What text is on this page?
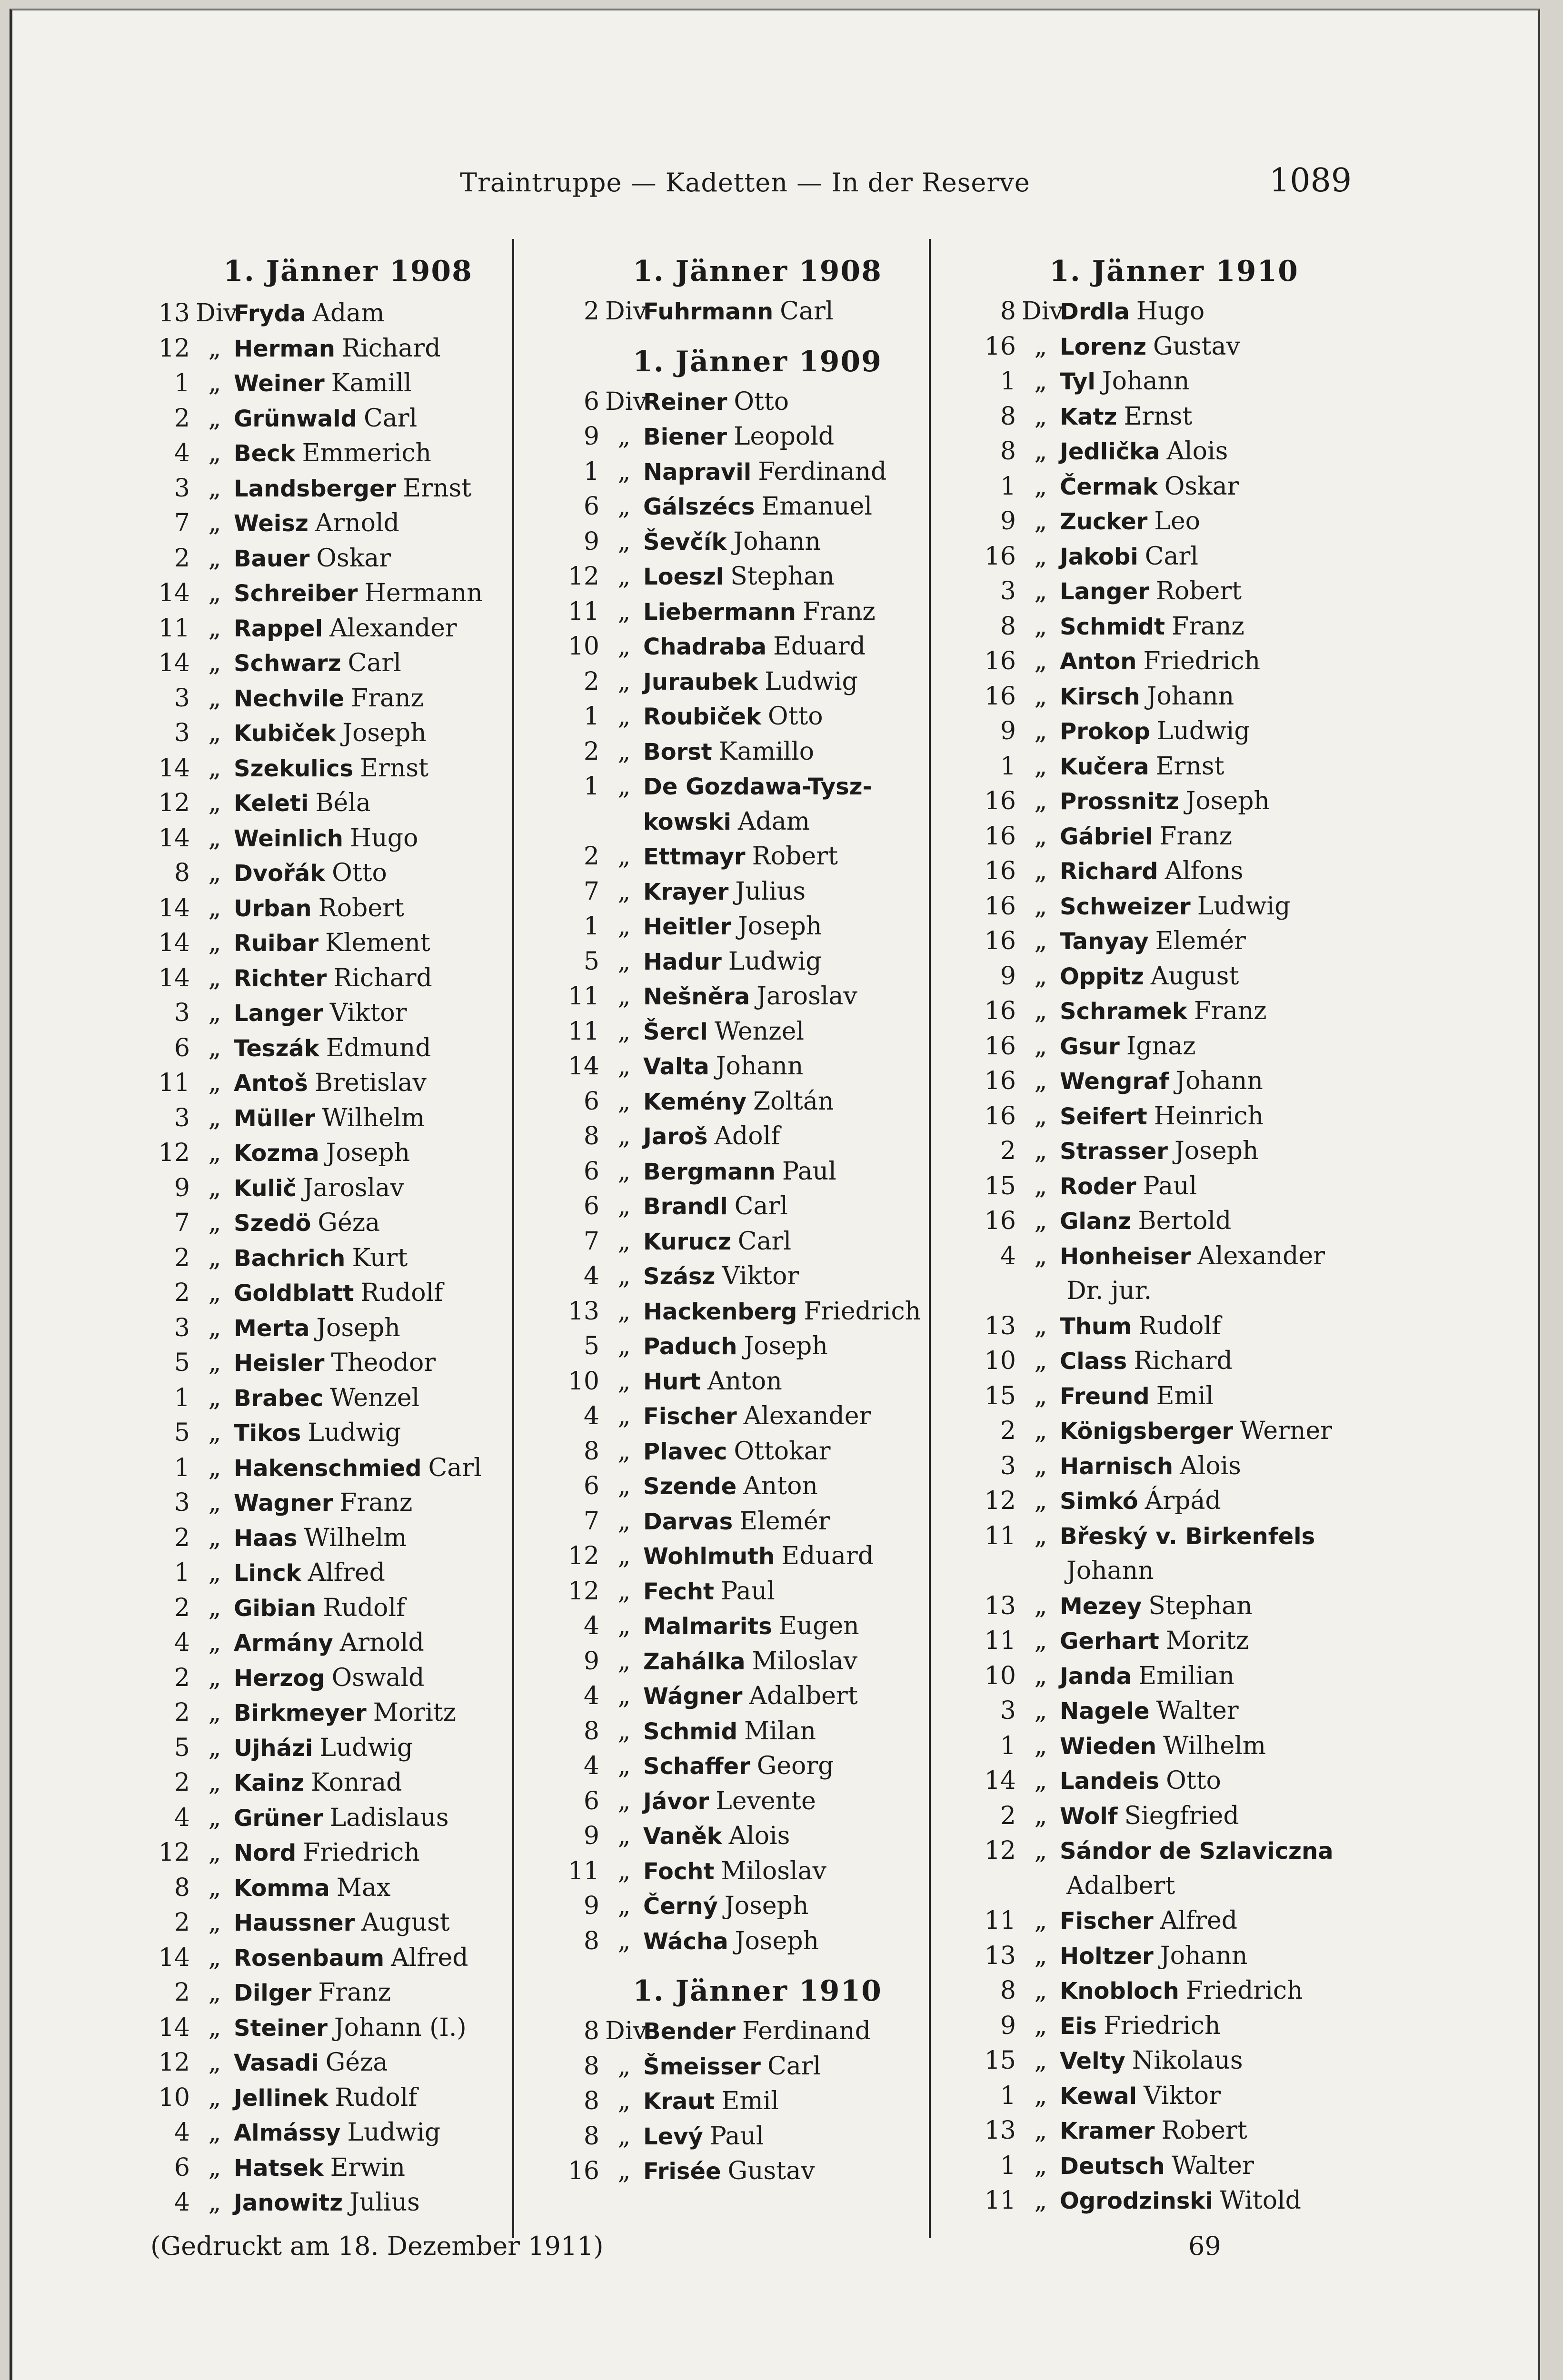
Traintruppe — Kadetten — In der Reserve	1089
1. Jänner 1908
13 Div.
Fryda Adam
12 „ Herman Richard
1 „ Weiner Kamill
2 „ Grünwald Carl
4 „ Beck Emmerich
3 „ Landsberger Ernst
7 „ Weisz Arnold
2 „ Bauer Oskar
14 „ Schreiber Hermann
11 „ Rappel Alexander
14 „ Schwarz Carl
3 „ Nechvile Franz
3 „ Kubiček Joseph
14 „ Szekulics Ernst
12 „ Keleti Béla
14 „ Weinlich Hugo
8 „ Dvořák Otto
14 „ Urban Robert
14 „ Ruibar Klement
14 „ Richter Richard
3 „ Langer Viktor
6 „ Teszák Edmund
11 „ Antoš Bretislav
3 „ Müller Wilhelm
12 „ Kozma Joseph
9 „ Kulič Jaroslav
7 „ Szedö Géza
2 „ Bachrich Kurt
2 „ Goldblatt Rudolf
3 „ Merta Joseph
5 „ Heisler Theodor
1 „ Brabec Wenzel
5 „ Tikos Ludwig
1 „ Hakenschmied Carl
3 „ Wagner Franz
2 „ Haas Wilhelm
1 „ Linck Alfred
2 „ Gibian Rudolf
4 „ Armány Arnold
2 „ Herzog Oswald
2 „ Birkmeyer Moritz
5 „ Ujházi Ludwig
2 „ Kainz Konrad
4 „ Grüner Ladislaus
12 „ Nord Friedrich
8 „ Komma Max
2 „ Haussner August
14 „ Rosenbaum Alfred
2 „ Dilger Franz
14 „ Steiner Johann (I.)
12 „ Vasadi Géza
10 „ Jellinek Rudolf
4 „ Almássy Ludwig
6 „ Hatsek Erwin
4 „ Janowitz Julius
1. Jänner 1908
2 Div.
Fuhrmann Carl
1. Jänner 1909
6 Div.
Reiner Otto
9 „ Biener Leopold
1 „ Napravil Ferdinand
6 „ Gálszécs Emanuel
9 „ Ševčík Johann
12 „ Loeszl Stephan
11 „ Liebermann Franz
10 „ Chadraba Eduard
2 „ Juraubek Ludwig
1 „ Roubiček Otto
2 „ Borst Kamillo
1 „ De Gozdawa-Tysz-
kowski Adam
2 „ Ettmayr Robert
7 „ Krayer Julius
1 „ Heitler Joseph
5 „ Hadur Ludwig
11 „ Nešněra Jaroslav
11 „ Šercl Wenzel
14 „ Valta Johann
6 „ Kemény Zoltán
8 „ Jaroš Adolf
6 „ Bergmann Paul
6 „ Brandl Carl
7 „ Kurucz Carl
4 „ Szász Viktor
13 „ Hackenberg Friedrich
5 „ Paduch Joseph
10 „ Hurt Anton
4 „ Fischer Alexander
8 „ Plavec Ottokar
6 „ Szende Anton
7 „ Darvas Elemér
12 „ Wohlmuth Eduard
12 „ Fecht Paul
4 „ Malmarits Eugen
9 „ Zahálka Miloslav
4 „ Wágner Adalbert
8 „ Schmid Milan
4 „ Schaffer Georg
6 „ Jávor Levente
9 „ Vaněk Alois
11 „ Focht Miloslav
9 „ Černý Joseph
8 „ Wácha Joseph
1. Jänner 1910
8 Div.
Bender Ferdinand
8 „ Šmeisser Carl
8 „ Kraut Emil
8 „ Levý Paul
16 „ Frisée Gustav
1. Jänner 1910
8 Div.
Drdla Hugo
16 „ Lorenz Gustav
1 „ Tyl Johann
8 „ Katz Ernst
8 „ Jedlička Alois
1 „ Čermak Oskar
9 „ Zucker Leo
16 „ Jakobi Carl
3 „ Langer Robert
8 „ Schmidt Franz
16 „ Anton Friedrich
16 „ Kirsch Johann
9 „ Prokop Ludwig
1 „ Kučera Ernst
16 „ Prossnitz Joseph
16 „ Gábriel Franz
16 „ Richard Alfons
16 „ Schweizer Ludwig
16 „ Tanyay Elemér
9 „ Oppitz August
16 „ Schramek Franz
16 „ Gsur Ignaz
16 „ Wengraf Johann
16 „ Seifert Heinrich
2 „ Strasser Joseph
15 „ Roder Paul
16 „ Glanz Bertold
4 „ Honheiser Alexander
Dr. jur.
13 „ Thum Rudolf
10 „ Class Richard
15 „ Freund Emil
2 „ Königsberger Werner
3 „ Harnisch Alois
12 „ Simkó Árpád
11 „ Břeský v. Birkenfels
Johann
13 „ Mezey Stephan
11 „ Gerhart Moritz
10 „ Janda Emilian
3 „ Nagele Walter
1 „ Wieden Wilhelm
14 „ Landeis Otto
2 „ Wolf Siegfried
12 „ Sándor de Szlaviczna
Adalbert
11 „ Fischer Alfred
13 „ Holtzer Johann
8 „ Knobloch Friedrich
9 „ Eis Friedrich
15 „ Velty Nikolaus
1 „ Kewal Viktor
13 „ Kramer Robert
1 „ Deutsch Walter
11 „ Ogrodzinski Witold
(Gedruckt am 18. Dezember 1911)	69
